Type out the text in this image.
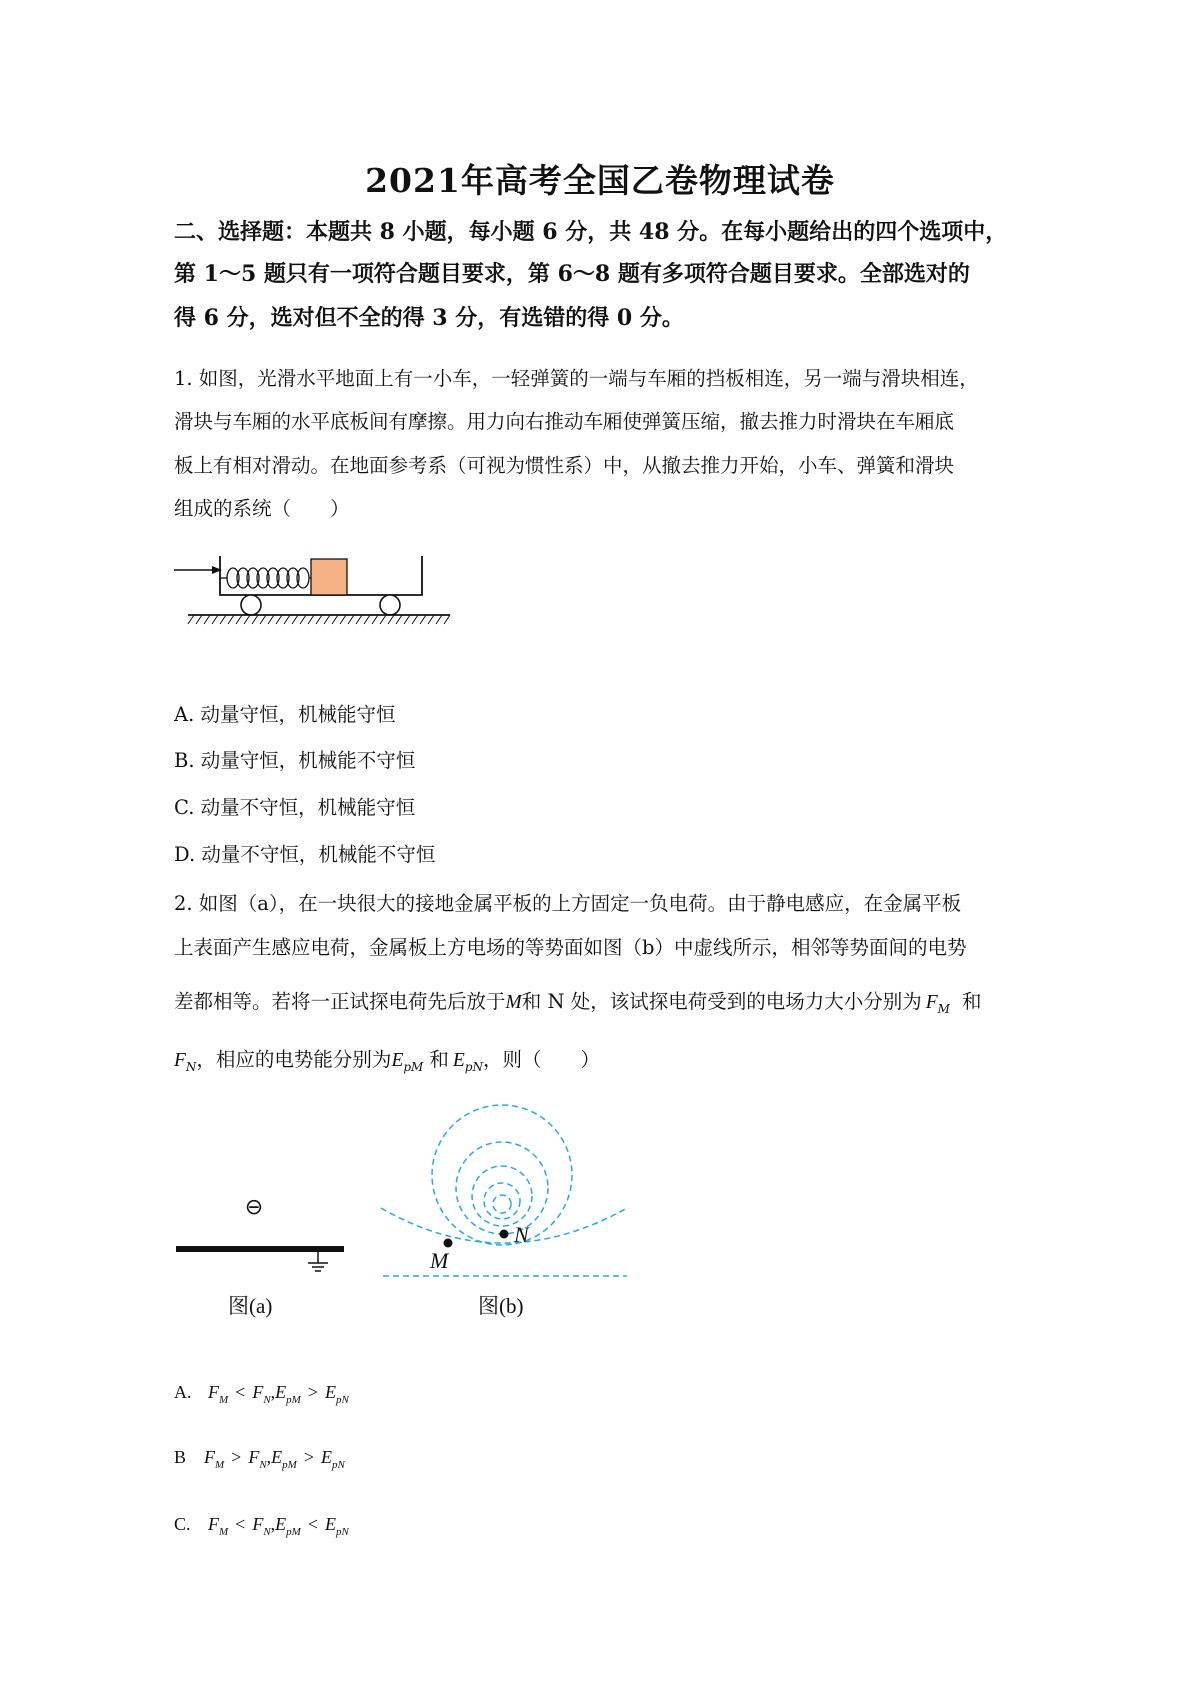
2021年高考全国乙卷物理试卷
二、选择题：本题共 8 小题，每小题 6 分，共 48 分。在每小题给出的四个选项中，
第 1～5 题只有一项符合题目要求，第 6～8 题有多项符合题目要求。全部选对的
得 6 分，选对但不全的得 3 分，有选错的得 0 分。
1. 如图，光滑水平地面上有一小车，一轻弹簧的一端与车厢的挡板相连，另一端与滑块相连，
滑块与车厢的水平底板间有摩擦。用力向右推动车厢使弹簧压缩，撤去推力时滑块在车厢底
板上有相对滑动。在地面参考系（可视为惯性系）中，从撤去推力开始，小车、弹簧和滑块
组成的系统（　　）
A. 动量守恒，机械能守恒
B. 动量守恒，机械能不守恒
C. 动量不守恒，机械能守恒
D. 动量不守恒，机械能不守恒
2. 如图（a），在一块很大的接地金属平板的上方固定一负电荷。由于静电感应，在金属平板
上表面产生感应电荷，金属板上方电场的等势面如图（b）中虚线所示，相邻等势面间的电势
差都相等。若将一正试探电荷先后放于M和 N 处，该试探电荷受到的电场力大小分别为 $F_M$ 和
$F_N$，相应的电势能分别为$E_{pM}$ 和 $E_{pN}$，则（　　）
⊖
图(a)
M
N
图(b)
A. $F_M < F_N,E_{pM} > E_{pN}$
B $F_M > F_N,E_{pM} > E_{pN}$
C. $F_M < F_N,E_{pM} < E_{pN}$
